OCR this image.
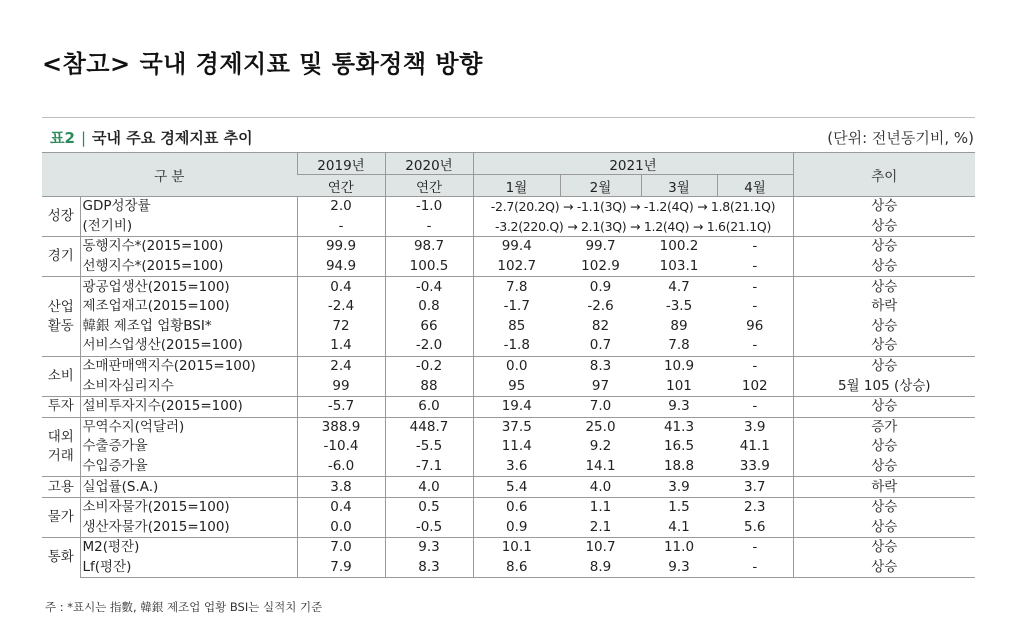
<참고> 국내 경제지표 및 통화정책 방향
표2 | 국내 주요 경제지표 추이	(단위: 전년동기비, %)
구 분		2019년	2020년	2021년				추이
		연간	연간	1월	2월	3월	4월	

성장	GDP성장률	2.0	-1.0	-2.7(20.2Q) → -1.1(3Q) → -1.2(4Q) → 1.8(21.1Q)				상승
	(전기비)	-	-	-3.2(220.Q) → 2.1(3Q) → 1.2(4Q) → 1.6(21.1Q)				상승

경기	동행지수*(2015=100)	99.9	98.7	99.4	99.7	100.2	-	상승
	선행지수*(2015=100)	94.9	100.5	102.7	102.9	103.1	-	상승

산업
활동	광공업생산(2015=100)	0.4	-0.4	7.8	0.9	4.7	-	상승
	제조업재고(2015=100)	-2.4	0.8	-1.7	-2.6	-3.5	-	하락
	韓銀 제조업 업황BSI*	72	66	85	82	89	96	상승
	서비스업생산(2015=100)	1.4	-2.0	-1.8	0.7	7.8	-	상승

소비	소매판매액지수(2015=100)	2.4	-0.2	0.0	8.3	10.9	-	상승
	소비자심리지수	99	88	95	97	101	102	5월 105 (상승)

투자	설비투자지수(2015=100)	-5.7	6.0	19.4	7.0	9.3	-	상승

대외
거래	무역수지(억달러)	388.9	448.7	37.5	25.0	41.3	3.9	증가
	수출증가율	-10.4	-5.5	11.4	9.2	16.5	41.1	상승
	수입증가율	-6.0	-7.1	3.6	14.1	18.8	33.9	상승

고용	실업률(S.A.)	3.8	4.0	5.4	4.0	3.9	3.7	하락

물가	소비자물가(2015=100)	0.4	0.5	0.6	1.1	1.5	2.3	상승
	생산자물가(2015=100)	0.0	-0.5	0.9	2.1	4.1	5.6	상승

통화	M2(평잔)	7.0	9.3	10.1	10.7	11.0	-	상승
	Lf(평잔)	7.9	8.3	8.6	8.9	9.3	-	상승
주 : *표시는 指數, 韓銀 제조업 업황 BSI는 실적치 기준
